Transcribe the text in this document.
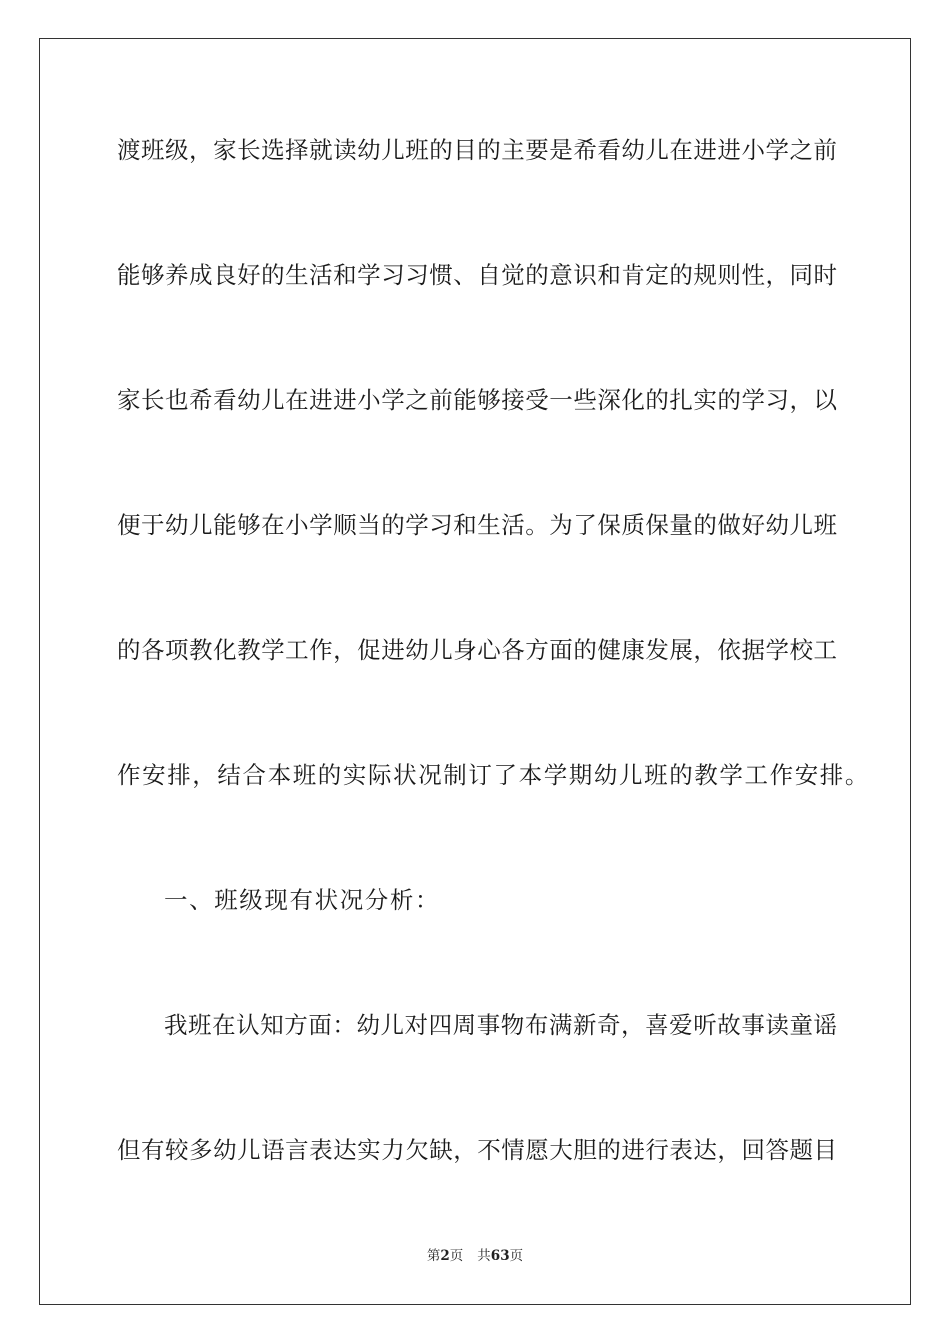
渡班级，家长选择就读幼儿班的目的主要是希看幼儿在进进小学之前
能够养成良好的生活和学习习惯、自觉的意识和肯定的规则性，同时
家长也希看幼儿在进进小学之前能够接受一些深化的扎实的学习，以
便于幼儿能够在小学顺当的学习和生活。为了保质保量的做好幼儿班
的各项教化教学工作，促进幼儿身心各方面的健康发展，依据学校工
作安排，结合本班的实际状况制订了本学期幼儿班的教学工作安排。
一、班级现有状况分析：
我班在认知方面：幼儿对四周事物布满新奇，喜爱听故事读童谣
但有较多幼儿语言表达实力欠缺，不情愿大胆的进行表达，回答题目
第2页 共63页
